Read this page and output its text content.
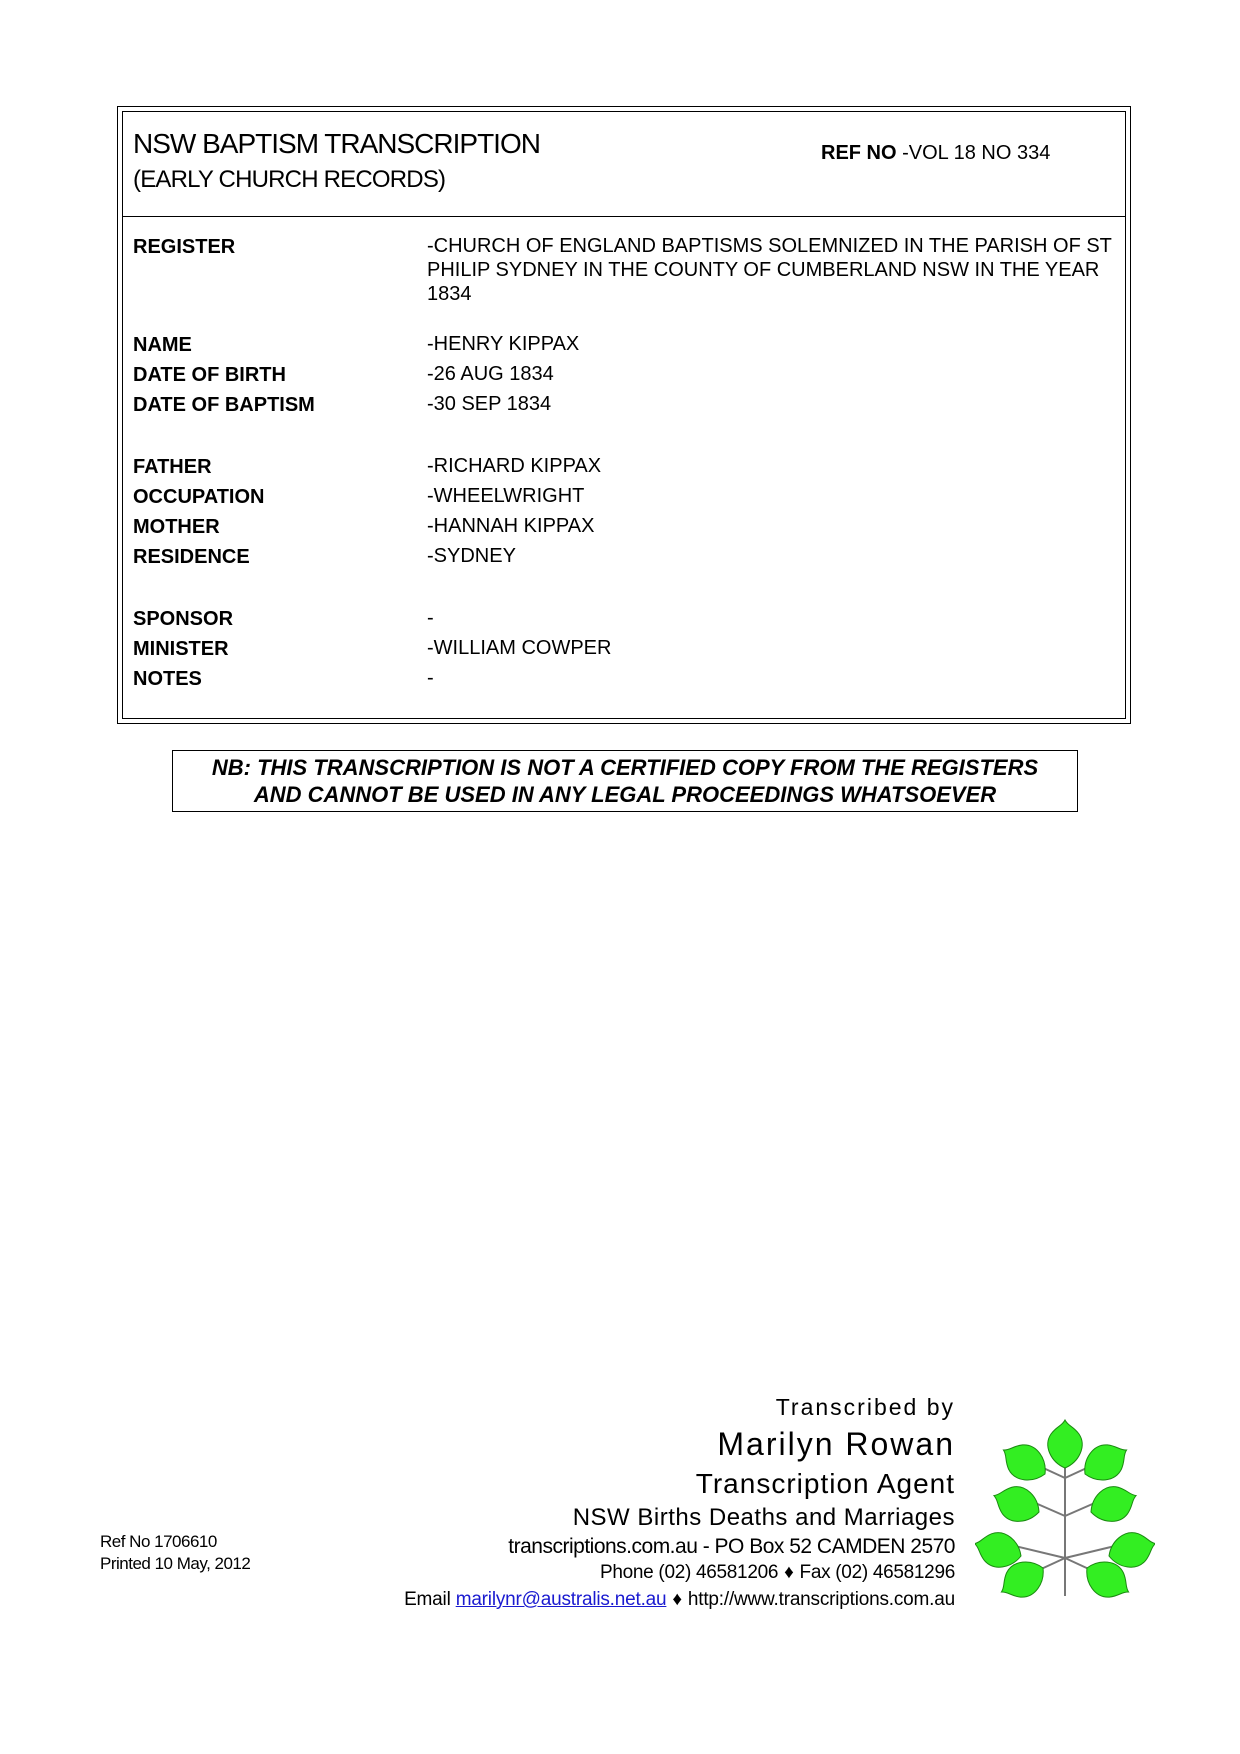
NSW BAPTISM TRANSCRIPTION
(EARLY CHURCH RECORDS)
REF NO -VOL 18 NO 334
REGISTER	-CHURCH OF ENGLAND BAPTISMS SOLEMNIZED IN THE PARISH OF ST PHILIP SYDNEY IN THE COUNTY OF CUMBERLAND NSW IN THE YEAR 1834
NAME	-HENRY KIPPAX
DATE OF BIRTH	-26 AUG 1834
DATE OF BAPTISM	-30 SEP 1834
FATHER	-RICHARD KIPPAX
OCCUPATION	-WHEELWRIGHT
MOTHER	-HANNAH KIPPAX
RESIDENCE	-SYDNEY
SPONSOR	-
MINISTER	-WILLIAM COWPER
NOTES	-
NB: THIS TRANSCRIPTION IS NOT A CERTIFIED COPY FROM THE REGISTERS
AND CANNOT BE USED IN ANY LEGAL PROCEEDINGS WHATSOEVER
Transcribed by
Marilyn Rowan
Transcription Agent
NSW Births Deaths and Marriages
transcriptions.com.au - PO Box 52 CAMDEN 2570
Phone (02) 46581206 ♦ Fax (02) 46581296
Email marilynr@australis.net.au ♦ http://www.transcriptions.com.au
Ref No 1706610
Printed 10 May, 2012
